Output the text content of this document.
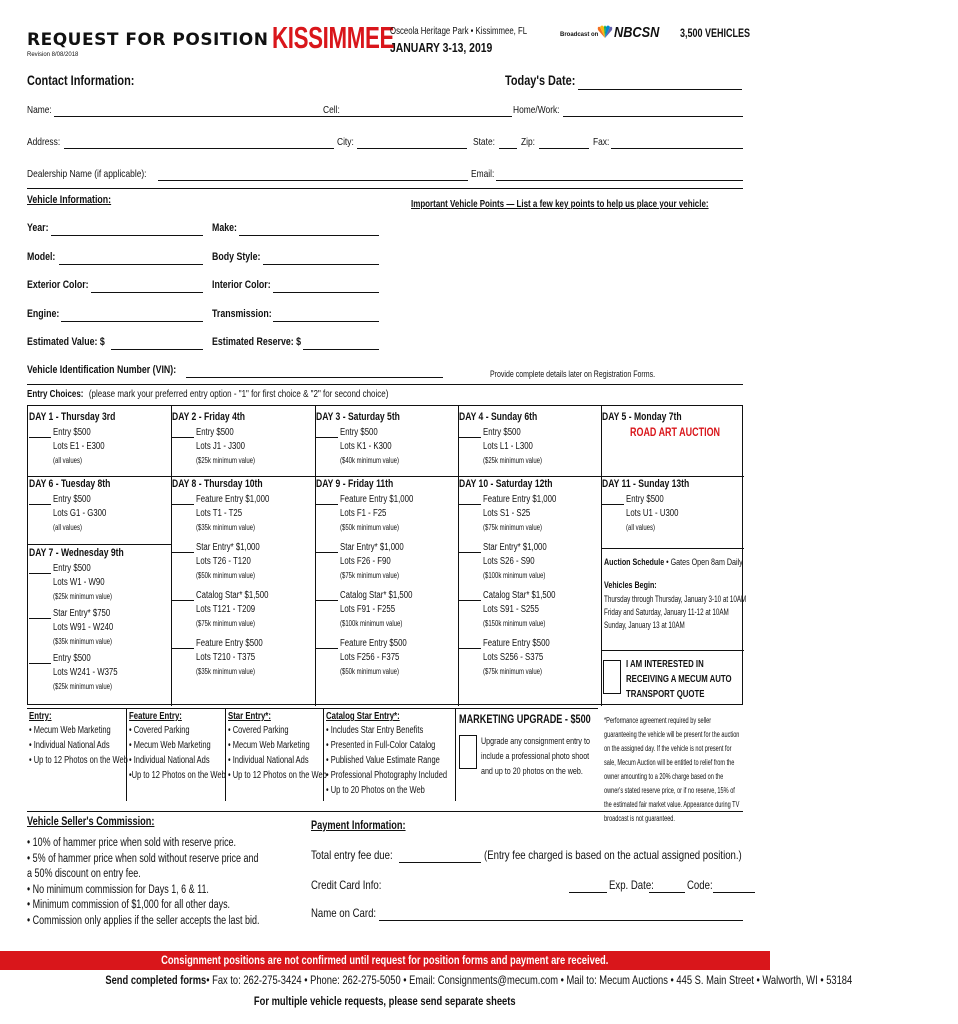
REQUEST FOR POSITION
Revision 8/08/2018	KISSIMMEE
Osceola Heritage Park • Kissimmee, FL
JANUARY 3-13, 2019
Broadcast on NBCSN 3,500 VEHICLES
Contact Information:	Today's Date:
Name:	Cell:	Home/Work:
Address:	City:	State: Zip:	Fax:
Dealership Name (if applicable):	Email:
Vehicle Information:	Important Vehicle Points — List a few key points to help us place your vehicle:
Year:	Make:
Model:	Body Style:
Exterior Color:	Interior Color:
Engine:	Transmission:
Estimated Value: $	Estimated Reserve: $
Vehicle Identification Number (VIN):	Provide complete details later on Registration Forms.
Entry Choices: (please mark your preferred entry option - "1" for first choice & "2" for second choice)
DAY 1 - Thursday 3rd
Entry $500
Lots E1 - E300
(all values)
DAY 2 - Friday 4th
Entry $500
Lots J1 - J300
($25k minimum value)
DAY 3 - Saturday 5th
Entry $500
Lots K1 - K300
($40k minimum value)
DAY 4 - Sunday 6th
Entry $500
Lots L1 - L300
($25k minimum value)
DAY 5 - Monday 7th
ROAD ART AUCTION
DAY 6 - Tuesday 8th
Entry $500
Lots G1 - G300
(all values)
DAY 7 - Wednesday 9th
Entry $500
Lots W1 - W90
($25k minimum value)
Star Entry* $750
Lots W91 - W240
($35k minimum value)
Entry $500
Lots W241 - W375
($25k minimum value)
DAY 8 - Thursday 10th
Feature Entry $1,000
Lots T1 - T25
($35k minimum value)
Star Entry* $1,000
Lots T26 - T120
($50k minimum value)
Catalog Star* $1,500
Lots T121 - T209
($75k minimum value)
Feature Entry $500
Lots T210 - T375
($35k minimum value)
DAY 9 - Friday 11th
Feature Entry $1,000
Lots F1 - F25
($50k minimum value)
Star Entry* $1,000
Lots F26 - F90
($75k minimum value)
Catalog Star* $1,500
Lots F91 - F255
($100k minimum value)
Feature Entry $500
Lots F256 - F375
($50k minimum value)
DAY 10 - Saturday 12th
Feature Entry $1,000
Lots S1 - S25
($75k minimum value)
Star Entry* $1,000
Lots S26 - S90
($100k minimum value)
Catalog Star* $1,500
Lots S91 - S255
($150k minimum value)
Feature Entry $500
Lots S256 - S375
($75k minimum value)
DAY 11 - Sunday 13th
Entry $500
Lots U1 - U300
(all values)
Auction Schedule • Gates Open 8am Daily
Vehicles Begin:
Thursday through Thursday, January 3-10 at 10AM
Friday and Saturday, January 11-12 at 10AM
Sunday, January 13 at 10AM
I AM INTERESTED IN RECEIVING A MECUM AUTO TRANSPORT QUOTE
Entry:
• Mecum Web Marketing
• Individual National Ads
• Up to 12 Photos on the Web
Feature Entry:
• Covered Parking
• Mecum Web Marketing
• Individual National Ads
•Up to 12 Photos on the Web
Star Entry*:
• Covered Parking
• Mecum Web Marketing
• Individual National Ads
• Up to 12 Photos on the Web
Catalog Star Entry*:
• Includes Star Entry Benefits
• Presented in Full-Color Catalog
• Published Value Estimate Range
• Professional Photography Included
• Up to 20 Photos on the Web
MARKETING UPGRADE - $500
Upgrade any consignment entry to include a professional photo shoot and up to 20 photos on the web.
*Performance agreement required by seller guaranteeing the vehicle will be present for the auction on the assigned day. If the vehicle is not present for sale, Mecum Auction will be entitled to relief from the owner amounting to a 20% charge based on the owner's stated reserve price, or if no reserve, 15% of the estimated fair market value. Appearance during TV broadcast is not guaranteed.
Vehicle Seller's Commission:
• 10% of hammer price when sold with reserve price.
• 5% of hammer price when sold without reserve price and a 50% discount on entry fee.
• No minimum commission for Days 1, 6 & 11.
• Minimum commission of $1,000 for all other days.
• Commission only applies if the seller accepts the last bid.
Payment Information:
Total entry fee due:	(Entry fee charged is based on the actual assigned position.)
Credit Card Info:	Exp. Date:	Code:
Name on Card:
Consignment positions are not confirmed until request for position forms and payment are received.
Send completed forms• Fax to: 262-275-3424 • Phone: 262-275-5050 • Email: Consignments@mecum.com • Mail to: Mecum Auctions • 445 S. Main Street • Walworth, WI • 53184
For multiple vehicle requests, please send separate sheets
